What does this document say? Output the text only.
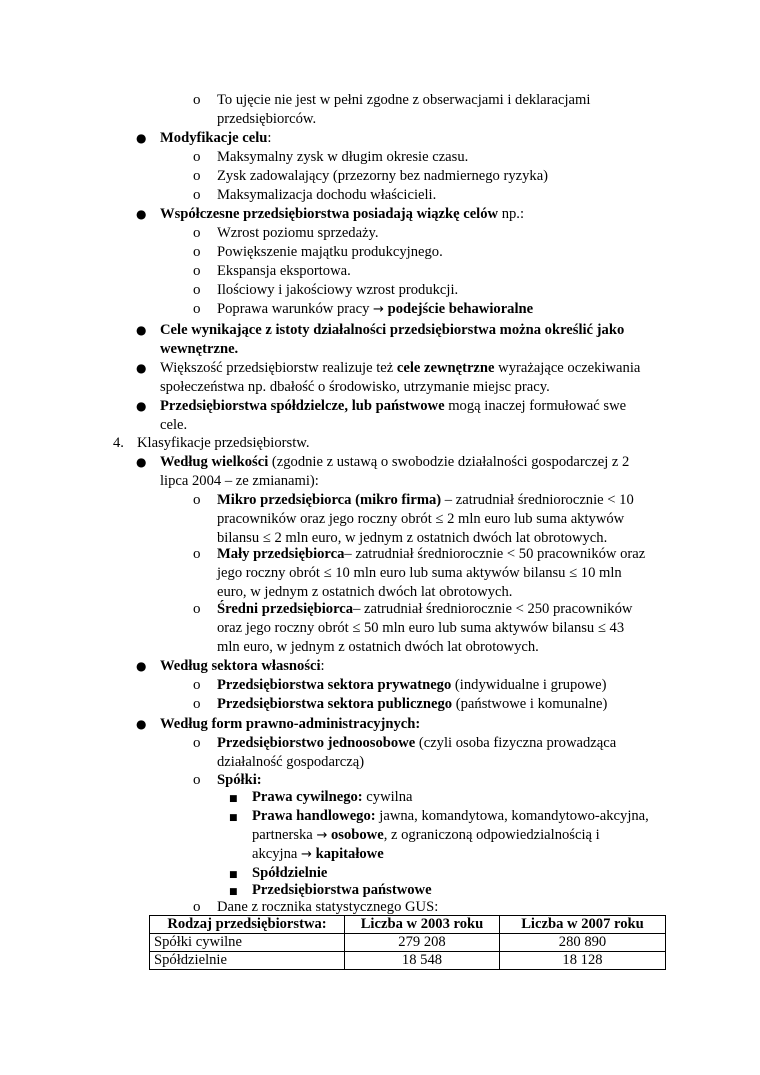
o To ujęcie nie jest w pełni zgodne z obserwacjami i deklaracjami
przedsiębiorców.
● Modyfikacje celu:
o Maksymalny zysk w długim okresie czasu.
o Zysk zadowalający (przezorny bez nadmiernego ryzyka)
o Maksymalizacja dochodu właścicieli.
● Współczesne przedsiębiorstwa posiadają wiązkę celów np.:
o Wzrost poziomu sprzedaży.
o Powiększenie majątku produkcyjnego.
o Ekspansja eksportowa.
o Ilościowy i jakościowy wzrost produkcji.
o Poprawa warunków pracy → podejście behawioralne
● Cele wynikające z istoty działalności przedsiębiorstwa można określić jako
wewnętrzne.
● Większość przedsiębiorstw realizuje też cele zewnętrzne wyrażające oczekiwania
społeczeństwa np. dbałość o środowisko, utrzymanie miejsc pracy.
● Przedsiębiorstwa spółdzielcze, lub państwowe mogą inaczej formułować swe
cele.
4. Klasyfikacje przedsiębiorstw.
● Według wielkości (zgodnie z ustawą o swobodzie działalności gospodarczej z 2
lipca 2004 – ze zmianami):
o Mikro przedsiębiorca (mikro firma) – zatrudniał średniorocznie < 10
pracowników oraz jego roczny obrót ≤ 2 mln euro lub suma aktywów
bilansu ≤ 2 mln euro, w jednym z ostatnich dwóch lat obrotowych.
o Mały przedsiębiorca– zatrudniał średniorocznie < 50 pracowników oraz
jego roczny obrót ≤ 10 mln euro lub suma aktywów bilansu ≤ 10 mln
euro, w jednym z ostatnich dwóch lat obrotowych.
o Średni przedsiębiorca– zatrudniał średniorocznie < 250 pracowników
oraz jego roczny obrót ≤ 50 mln euro lub suma aktywów bilansu ≤ 43
mln euro, w jednym z ostatnich dwóch lat obrotowych.
● Według sektora własności:
o Przedsiębiorstwa sektora prywatnego (indywidualne i grupowe)
o Przedsiębiorstwa sektora publicznego (państwowe i komunalne)
● Według form prawno-administracyjnych:
o Przedsiębiorstwo jednoosobowe (czyli osoba fizyczna prowadząca
działalność gospodarczą)
o Spółki:
■ Prawa cywilnego: cywilna
■ Prawa handlowego: jawna, komandytowa, komandytowo-akcyjna,
partnerska → osobowe, z ograniczoną odpowiedzialnością i
akcyjna → kapitałowe
■ Spółdzielnie
■ Przedsiębiorstwa państwowe
o Dane z rocznika statystycznego GUS:
Rodzaj przedsiębiorstwa:	Liczba w 2003 roku	Liczba w 2007 roku
Spółki cywilne	279 208	280 890
Spółdzielnie	18 548	18 128
